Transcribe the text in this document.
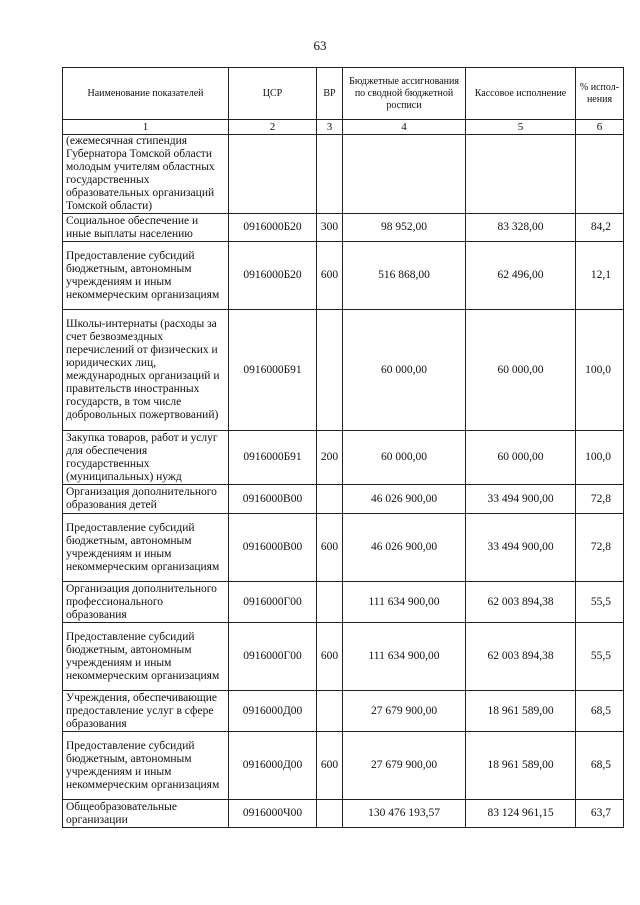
63
Наименование показателей	ЦСР	ВР	Бюджетные ассигнования по сводной бюджетной росписи	Кассовое исполнение	% испол-нения
1	2	3	4	5	6
(ежемесячная стипендия Губернатора Томской области молодым учителям областных государственных образовательных организаций Томской области)					
Социальное обеспечение и иные выплаты населению	0916000Б20	300	98 952,00	83 328,00	84,2
Предоставление субсидий бюджетным, автономным учреждениям и иным некоммерческим организациям	0916000Б20	600	516 868,00	62 496,00	12,1
Школы-интернаты (расходы за счет безвозмездных перечислений от физических и юридических лиц, международных организаций и правительств иностранных государств, в том числе добровольных пожертвований)	0916000Б91		60 000,00	60 000,00	100,0
Закупка товаров, работ и услуг для обеспечения государственных (муниципальных) нужд	0916000Б91	200	60 000,00	60 000,00	100,0
Организация дополнительного образования детей	0916000В00		46 026 900,00	33 494 900,00	72,8
Предоставление субсидий бюджетным, автономным учреждениям и иным некоммерческим организациям	0916000В00	600	46 026 900,00	33 494 900,00	72,8
Организация дополнительного профессионального образования	0916000Г00		111 634 900,00	62 003 894,38	55,5
Предоставление субсидий бюджетным, автономным учреждениям и иным некоммерческим организациям	0916000Г00	600	111 634 900,00	62 003 894,38	55,5
Учреждения, обеспечивающие предоставление услуг в сфере образования	0916000Д00		27 679 900,00	18 961 589,00	68,5
Предоставление субсидий бюджетным, автономным учреждениям и иным некоммерческим организациям	0916000Д00	600	27 679 900,00	18 961 589,00	68,5
Общеобразовательные организации	0916000Ч00		130 476 193,57	83 124 961,15	63,7
